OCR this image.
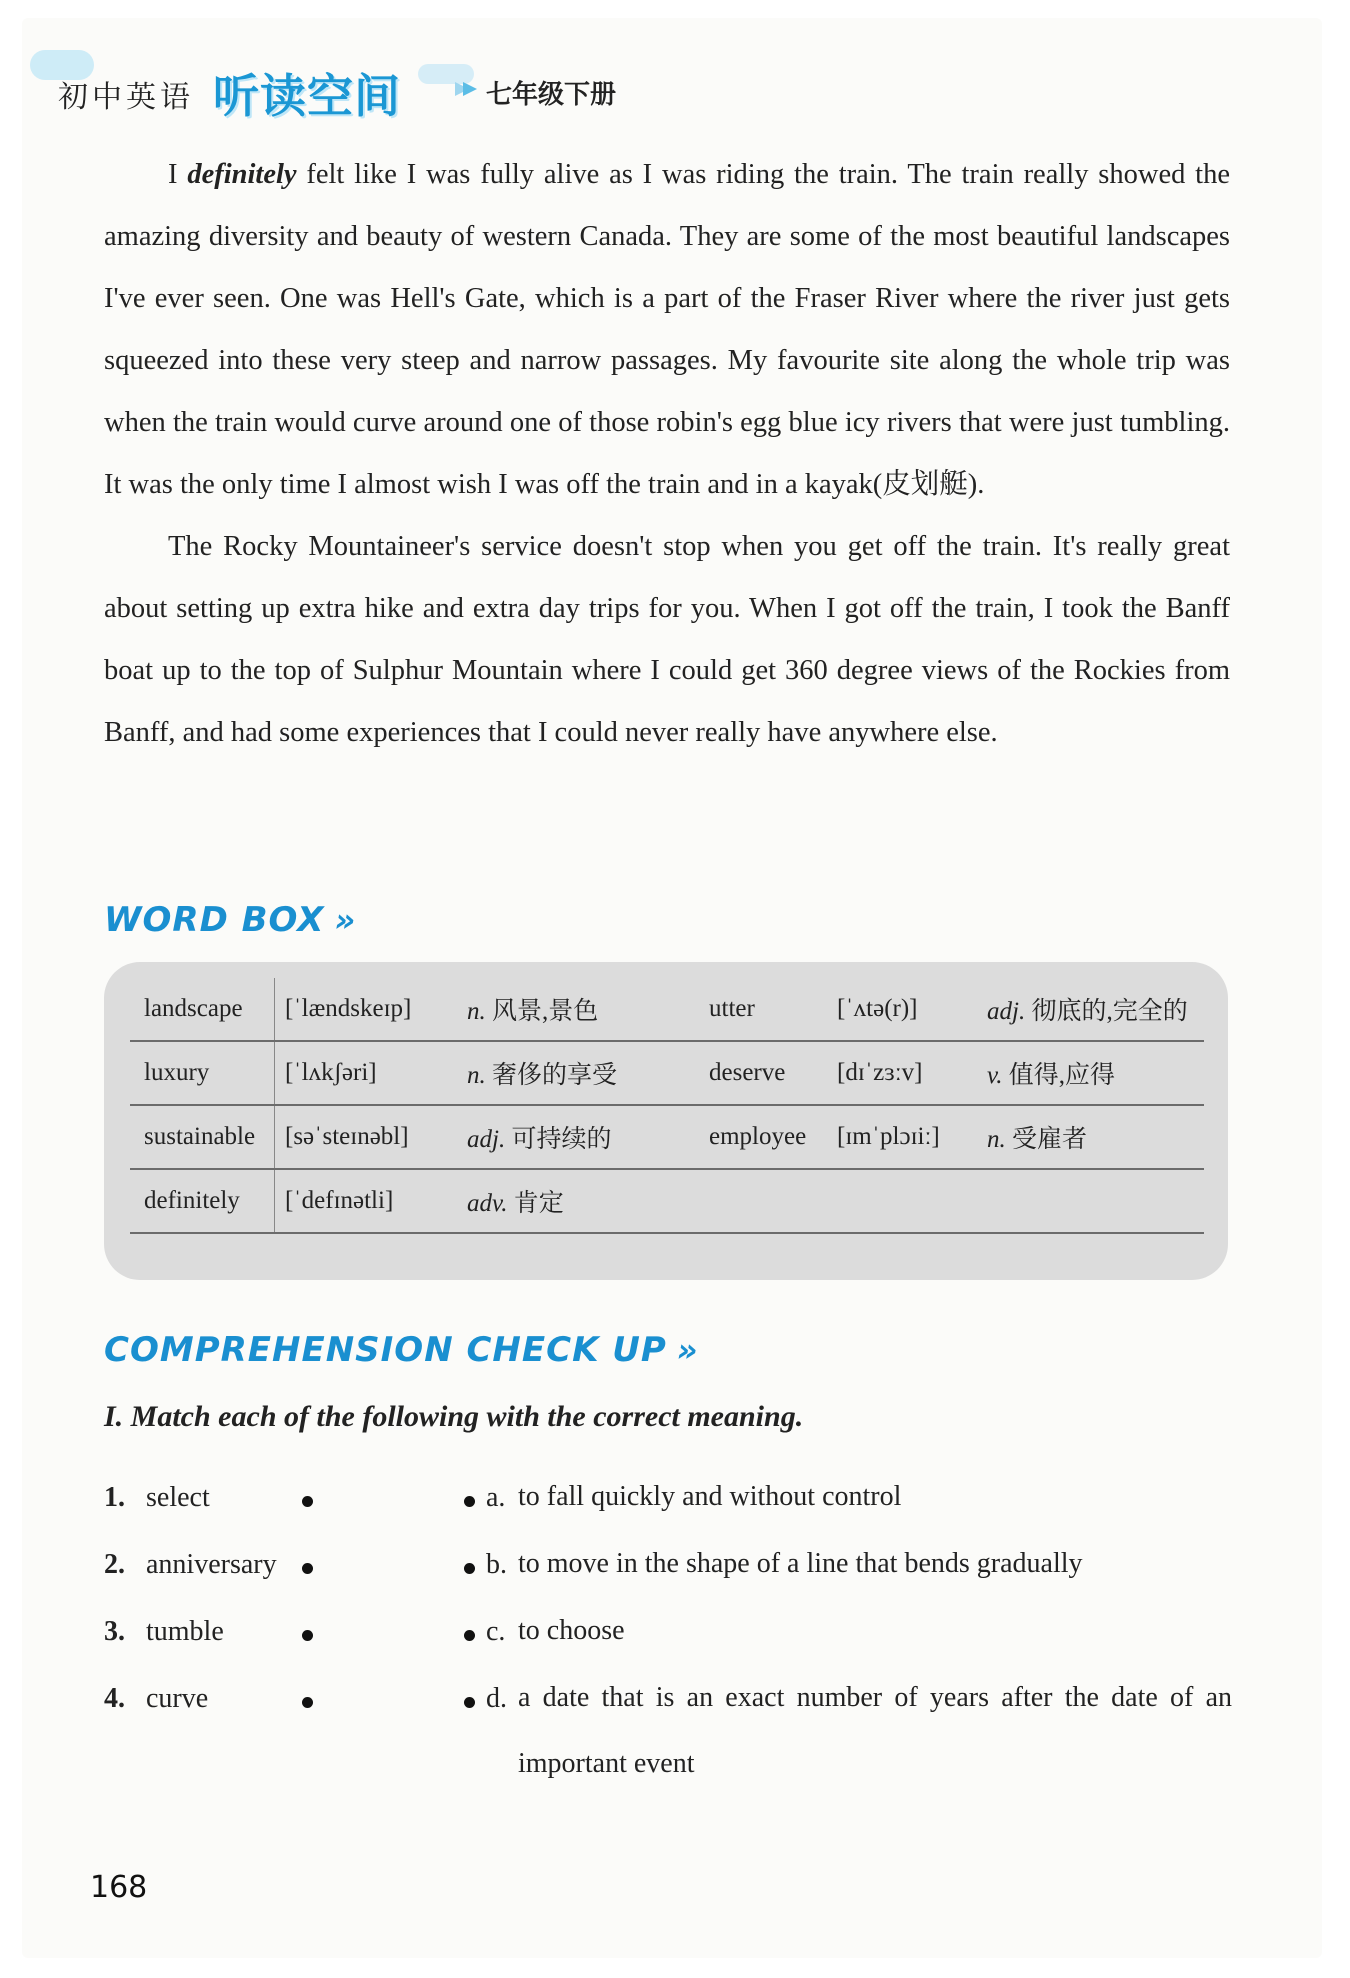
初中英语 听读空间	七年级下册

I definitely felt like I was fully alive as I was riding the train. The train really showed the amazing diversity and beauty of western Canada. They are some of the most beautiful landscapes I've ever seen. One was Hell's Gate, which is a part of the Fraser River where the river just gets squeezed into these very steep and narrow passages. My favourite site along the whole trip was when the train would curve around one of those robin's egg blue icy rivers that were just tumbling. It was the only time I almost wish I was off the train and in a kayak(皮划艇).

The Rocky Mountaineer's service doesn't stop when you get off the train. It's really great about setting up extra hike and extra day trips for you. When I got off the train, I took the Banff boat up to the top of Sulphur Mountain where I could get 360 degree views of the Rockies from Banff, and had some experiences that I could never really have anywhere else.

WORD BOX »
landscape	[ˈlændskeɪp]	n. 风景,景色	utter	[ˈʌtə(r)]	adj. 彻底的,完全的
luxury	[ˈlʌkʃəri]	n. 奢侈的享受	deserve	[dɪˈzɜːv]	v. 值得,应得
sustainable	[səˈsteɪnəbl]	adj. 可持续的	employee	[ɪmˈplɔɪiː]	n. 受雇者
definitely	[ˈdefɪnətli]	adv. 肯定			
COMPREHENSION CHECK UP »
I. Match each of the following with the correct meaning.
1. select	a. to fall quickly and without control
2. anniversary	b. to move in the shape of a line that bends gradually
3. tumble	c. to choose
4. curve	d. a date that is an exact number of years after the date of an important event
168
